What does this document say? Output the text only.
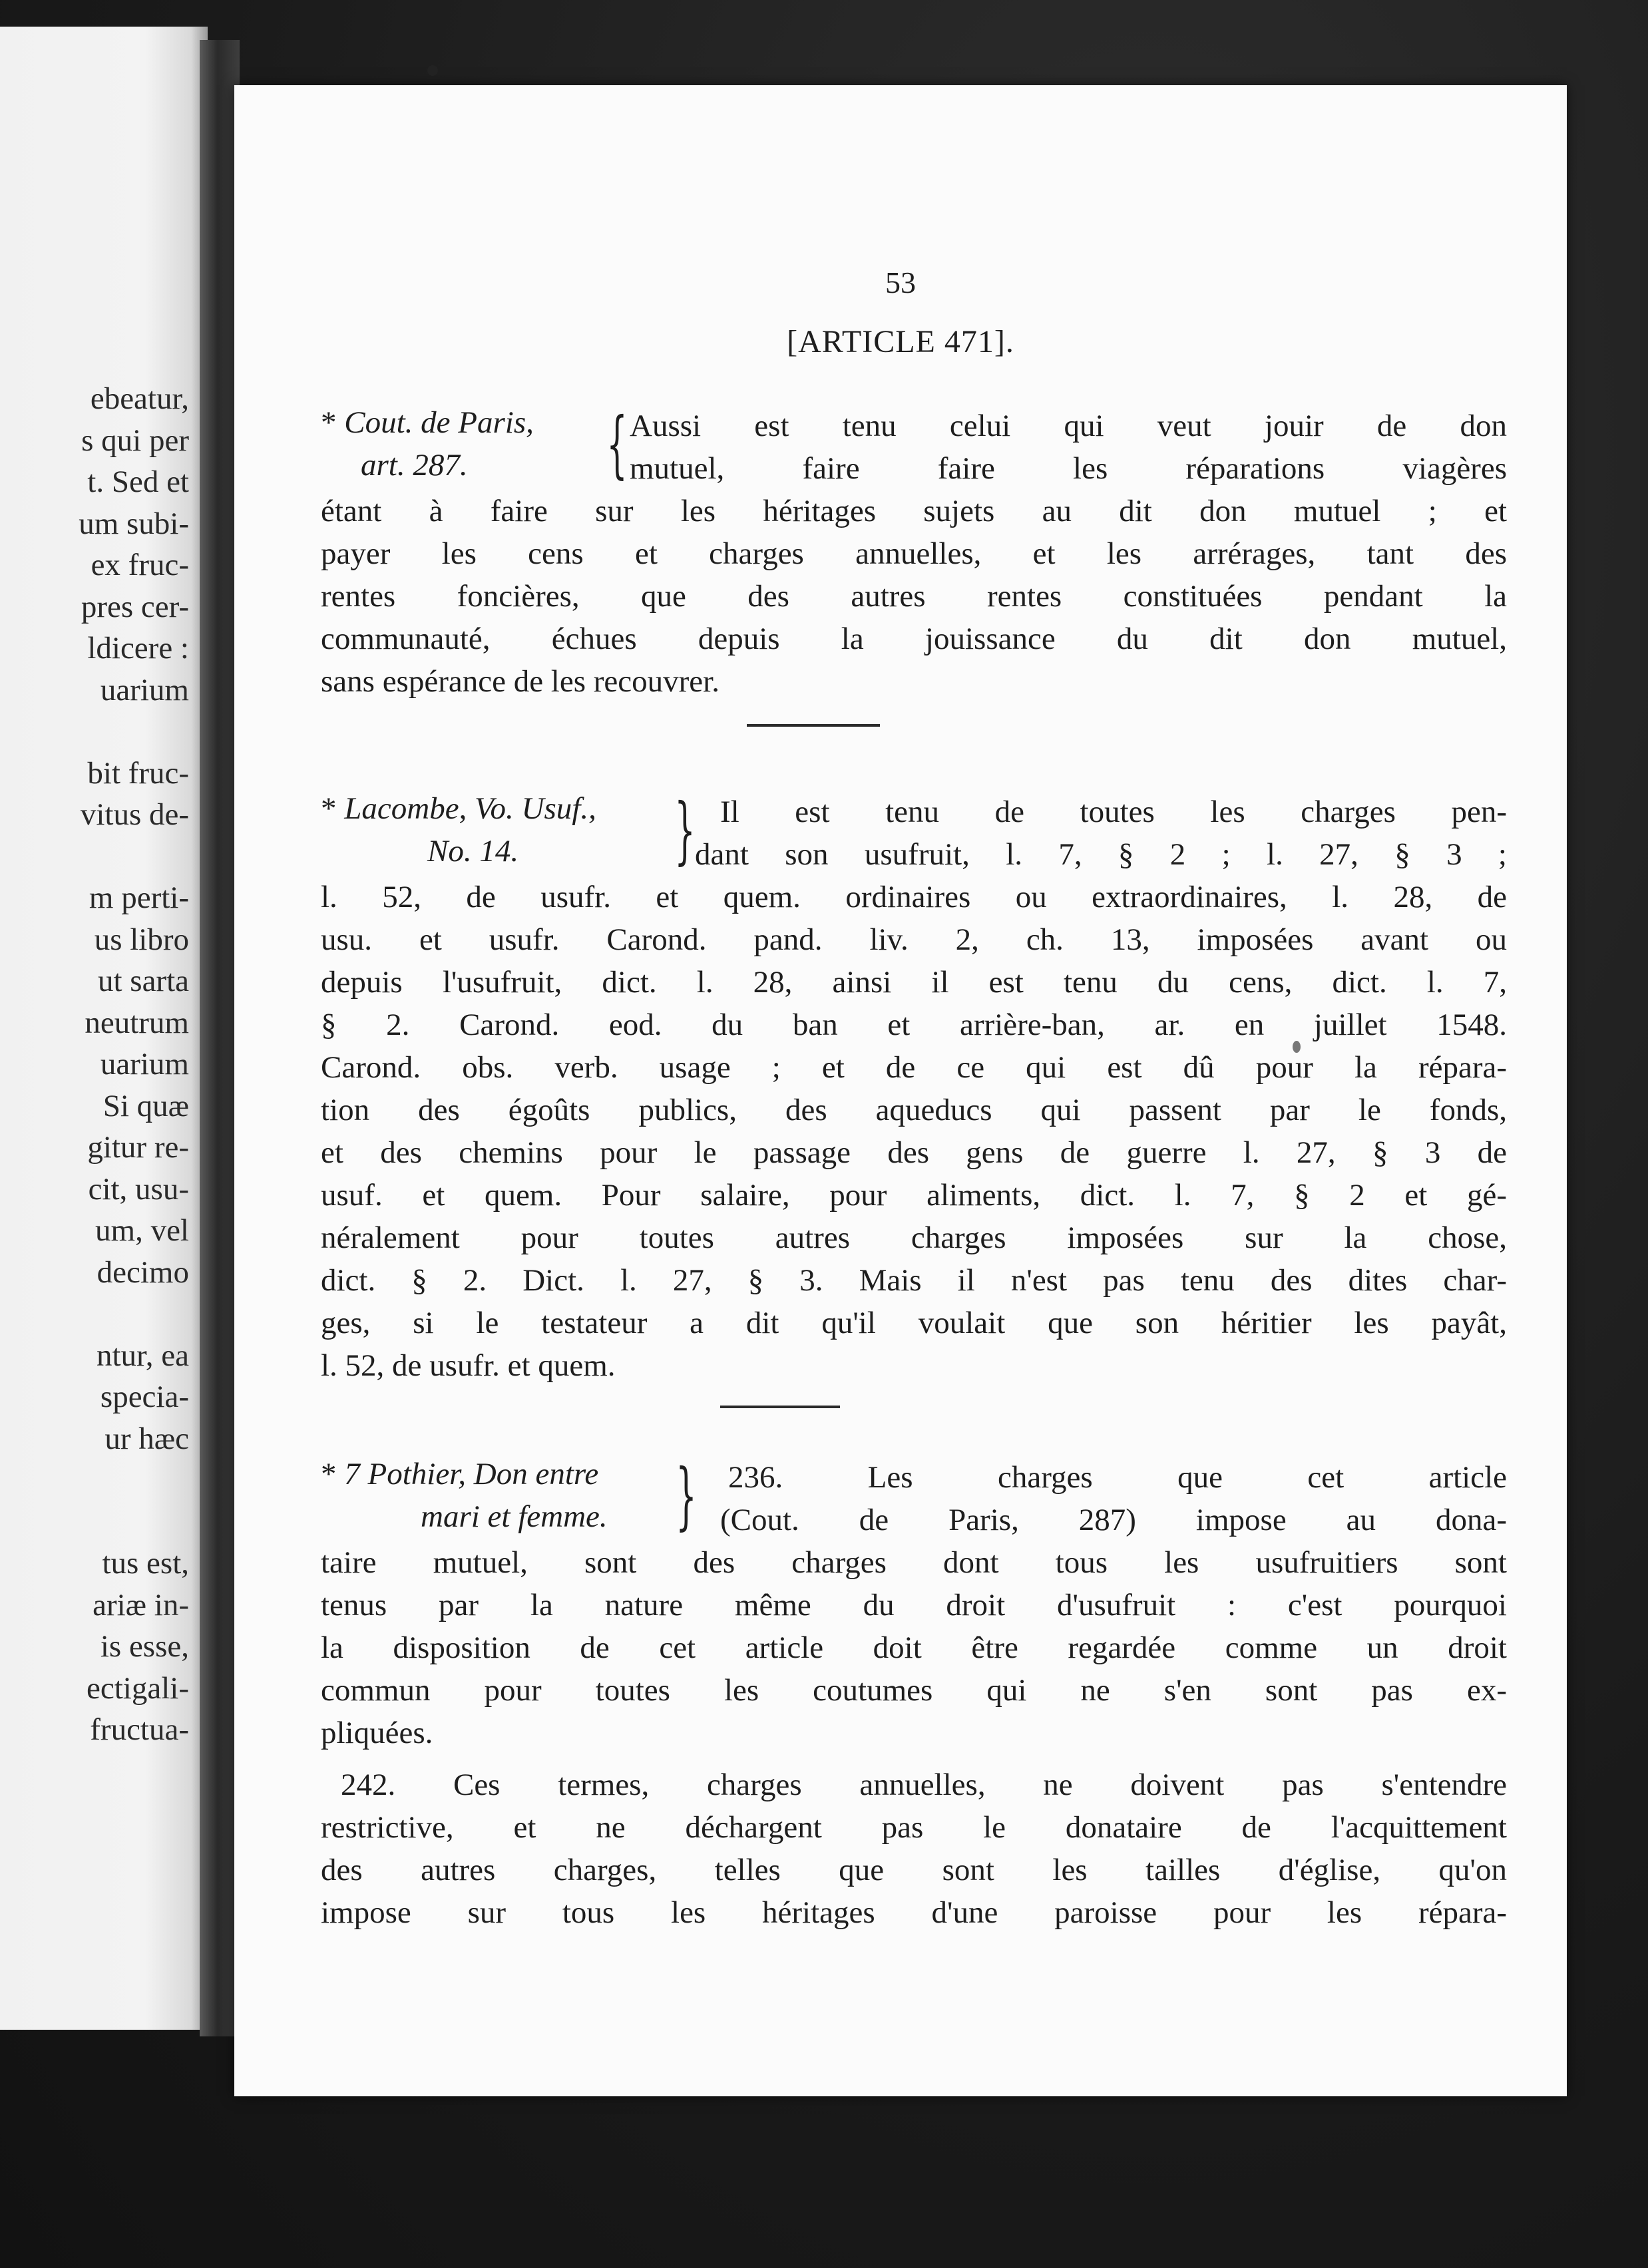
ebeatur,
s qui per
t. Sed et
um subi-
ex fruc-
pres cer-
ldicere :
uarium
bit fruc-
vitus de-
m perti-
us libro
ut sarta
neutrum
uarium
Si quæ
gitur re-
cit, usu-
um, vel
decimo
ntur, ea
specia-
ur hæc
tus est,
ariæ in-
is esse,
ectigali-
fructua-
53
[ARTICLE 471].
* Cout. de Paris,
art. 287. { Aussi est tenu celui qui veut jouir de don
mutuel, faire faire les réparations viagères
étant à faire sur les héritages sujets au dit don mutuel ; et
payer les cens et charges annuelles, et les arrérages, tant des
rentes foncières, que des autres rentes constituées pendant la
communauté, échues depuis la jouissance du dit don mutuel,
sans espérance de les recouvrer.
* Lacombe, Vo. Usuf.,
No. 14. } Il est tenu de toutes les charges pen-
dant son usufruit, l. 7, § 2 ; l. 27, § 3 ;
l. 52, de usufr. et quem. ordinaires ou extraordinaires, l. 28, de
usu. et usufr. Carond. pand. liv. 2, ch. 13, imposées avant ou
depuis l'usufruit, dict. l. 28, ainsi il est tenu du cens, dict. l. 7,
§ 2. Carond. eod. du ban et arrière-ban, ar. en juillet 1548.
Carond. obs. verb. usage ; et de ce qui est dû pour la répara-
tion des égoûts publics, des aqueducs qui passent par le fonds,
et des chemins pour le passage des gens de guerre l. 27, § 3 de
usuf. et quem. Pour salaire, pour aliments, dict. l. 7, § 2 et gé-
néralement pour toutes autres charges imposées sur la chose,
dict. § 2. Dict. l. 27, § 3. Mais il n'est pas tenu des dites char-
ges, si le testateur a dit qu'il voulait que son héritier les payât,
l. 52, de usufr. et quem.
* 7 Pothier, Don entre
mari et femme. } 236. Les charges que cet article
(Cout. de Paris, 287) impose au dona-
taire mutuel, sont des charges dont tous les usufruitiers sont
tenus par la nature même du droit d'usufruit : c'est pourquoi
la disposition de cet article doit être regardée comme un droit
commun pour toutes les coutumes qui ne s'en sont pas ex-
pliquées.
242. Ces termes, charges annuelles, ne doivent pas s'entendre
restrictive, et ne déchargent pas le donataire de l'acquittement
des autres charges, telles que sont les tailles d'église, qu'on
impose sur tous les héritages d'une paroisse pour les répara-
